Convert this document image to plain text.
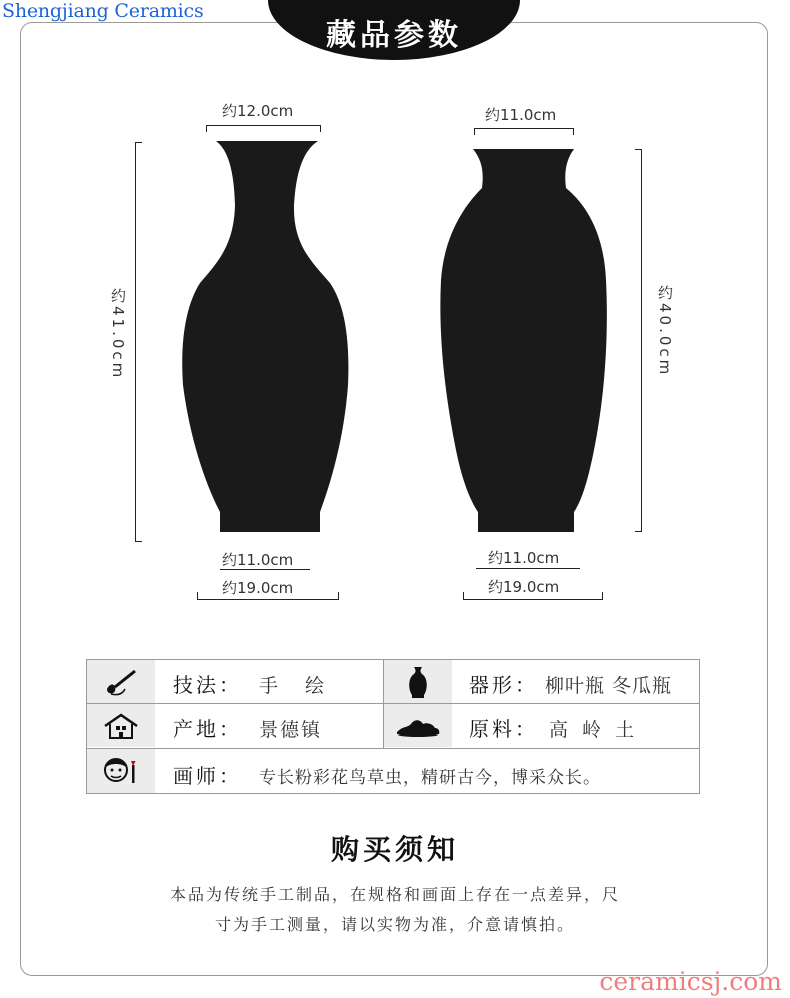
Shengjiang Ceramics
藏品参数
约12.0cm
约41.0cm
约11.0cm
约19.0cm
约11.0cm
约40.0cm
约11.0cm
约19.0cm
技法： 手　绘	器形： 柳叶瓶 冬瓜瓶
产地： 景德镇	原料： 高 岭 土
画师： 专长粉彩花鸟草虫，精研古今，博采众长。
购买须知
本品为传统手工制品，在规格和画面上存在一点差异，尺
寸为手工测量，请以实物为准，介意请慎拍。
ceramicsj.com
